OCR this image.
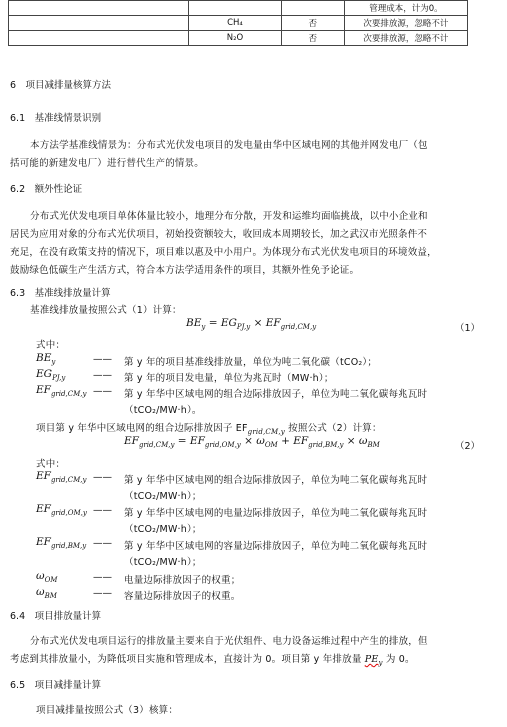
			管理成本，计为0。
	CH₄	否	次要排放源，忽略不计
	N₂O	否	次要排放源，忽略不计
6　项目减排量核算方法
6.1　基准线情景识别
本方法学基准线情景为：分布式光伏发电项目的发电量由华中区域电网的其他并网发电厂（包
括可能的新建发电厂）进行替代生产的情景。
6.2　额外性论证
分布式光伏发电项目单体体量比较小，地理分布分散，开发和运维均面临挑战，以中小企业和
居民为应用对象的分布式光伏项目，初始投资额较大，收回成本周期较长，加之武汉市光照条件不
充足，在没有政策支持的情况下，项目难以惠及中小用户。为体现分布式光伏发电项目的环境效益，
鼓励绿色低碳生产生活方式，符合本方法学适用条件的项目，其额外性免予论证。
6.3　基准线排放量计算
基准线排放量按照公式（1）计算：
$BE_y = EG_{PJ,y} \times EF_{grid,CM,y}$	（1）
式中：
$BE_y$	—— 第 y 年的项目基准线排放量，单位为吨二氧化碳（tCO₂）；
$EG_{PJ,y}$	—— 第 y 年的项目发电量，单位为兆瓦时（MW·h）；
$EF_{grid,CM,y}$ —— 第 y 年华中区域电网的组合边际排放因子，单位为吨二氧化碳每兆瓦时
（tCO₂/MW·h）。
项目第 y 年华中区域电网的组合边际排放因子 $EF_{grid,CM,y}$ 按照公式（2）计算：
$EF_{grid,CM,y} = EF_{grid,OM,y} \times \omega_{OM} + EF_{grid,BM,y} \times \omega_{BM}$	（2）
式中：
$EF_{grid,CM,y}$ —— 第 y 年华中区域电网的组合边际排放因子，单位为吨二氧化碳每兆瓦时
（tCO₂/MW·h）；
$EF_{grid,OM,y}$ —— 第 y 年华中区域电网的电量边际排放因子，单位为吨二氧化碳每兆瓦时
（tCO₂/MW·h）；
$EF_{grid,BM,y}$ —— 第 y 年华中区域电网的容量边际排放因子，单位为吨二氧化碳每兆瓦时
（tCO₂/MW·h）；
$\omega_{OM}$	—— 电量边际排放因子的权重；
$\omega_{BM}$	—— 容量边际排放因子的权重。
6.4　项目排放量计算
分布式光伏发电项目运行的排放量主要来自于光伏组件、电力设备运维过程中产生的排放，但
考虑到其排放量小，为降低项目实施和管理成本，直接计为 0。项目第 y 年排放量 $PE_y$ 为 0。
6.5　项目减排量计算
项目减排量按照公式（3）核算：
